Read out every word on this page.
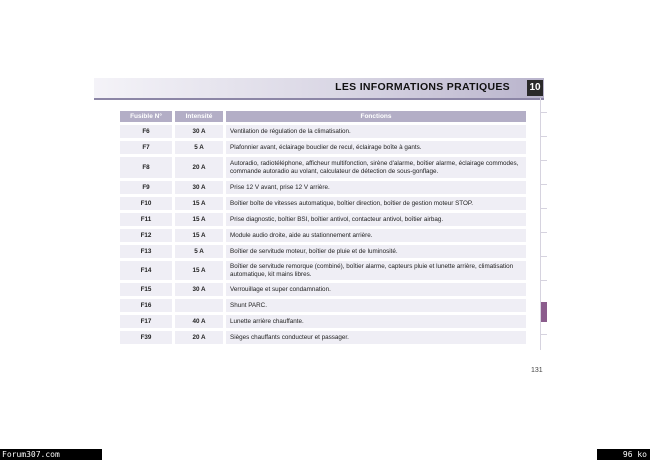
LES INFORMATIONS PRATIQUES 10
Fusible N°	Intensité	Fonctions
F6	30 A	Ventilation de régulation de la climatisation.
F7	5 A	Plafonnier avant, éclairage bouclier de recul, éclairage boîte à gants.
F8	20 A	Autoradio, radiotéléphone, afficheur multifonction, sirène d'alarme, boîtier alarme, éclairage commodes, commande autoradio au volant, calculateur de détection de sous-gonflage.
F9	30 A	Prise 12 V avant, prise 12 V arrière.
F10	15 A	Boîtier boîte de vitesses automatique, boîtier direction, boîtier de gestion moteur STOP.
F11	15 A	Prise diagnostic, boîtier BSI, boîtier antivol, contacteur antivol, boîtier airbag.
F12	15 A	Module audio droite, aide au stationnement arrière.
F13	5 A	Boîtier de servitude moteur, boîtier de pluie et de luminosité.
F14	15 A	Boîtier de servitude remorque (combiné), boîtier alarme, capteurs pluie et lunette arrière, climatisation automatique, kit mains libres.
F15	30 A	Verrouillage et super condamnation.
F16		Shunt PARC.
F17	40 A	Lunette arrière chauffante.
F39	20 A	Sièges chauffants conducteur et passager.
131
Forum307.com	96 ko
